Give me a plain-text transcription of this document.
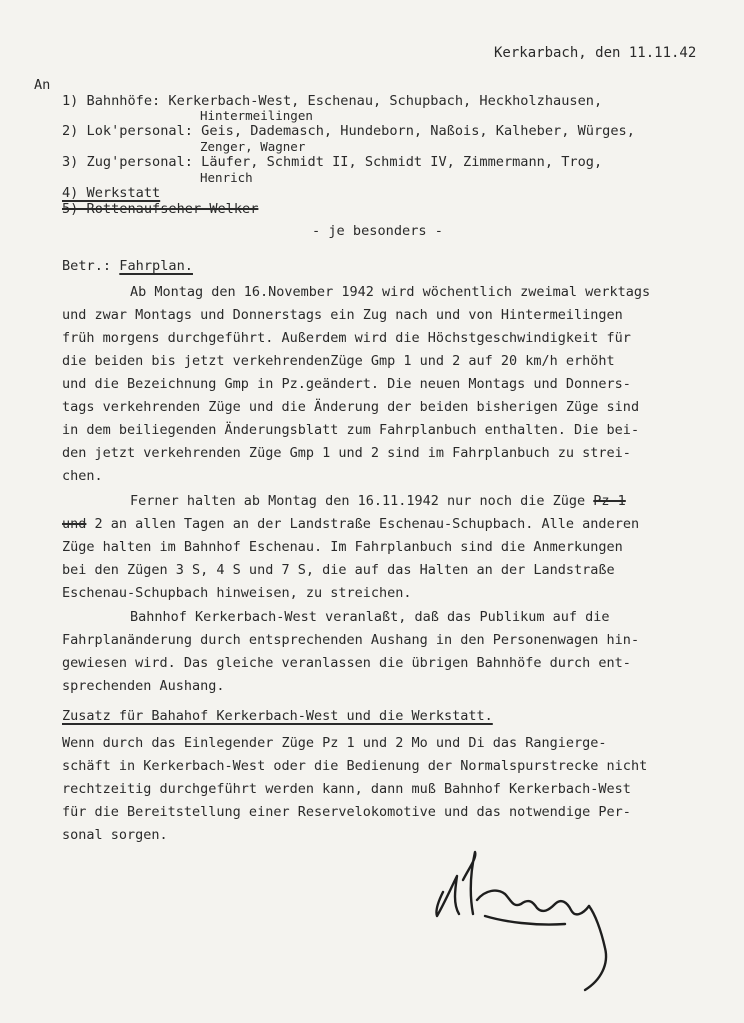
Kerkarbach, den 11.11.42
An
1) Bahnhöfe: Kerkerbach-West, Eschenau, Schupbach, Heckholzhausen,
Hintermeilingen
2) Lok'personal: Geis, Dademasch, Hundeborn, Naßois, Kalheber, Würges,
Zenger, Wagner
3) Zug'personal: Läufer, Schmidt II, Schmidt IV, Zimmermann, Trog,
Henrich
4) Werkstatt
5) Rottenaufseher Welker
- je besonders -
Betr.: Fahrplan.
Ab Montag den 16.November 1942 wird wöchentlich zweimal werktags
und zwar Montags und Donnerstags ein Zug nach und von Hintermeilingen
früh morgens durchgeführt. Außerdem wird die Höchstgeschwindigkeit für
die beiden bis jetzt verkehrendenZüge Gmp 1 und 2 auf 20 km/h erhöht
und die Bezeichnung Gmp in Pz.geändert. Die neuen Montags und Donners-
tags verkehrenden Züge und die Änderung der beiden bisherigen Züge sind
in dem beiliegenden Änderungsblatt zum Fahrplanbuch enthalten. Die bei-
den jetzt verkehrenden Züge Gmp 1 und 2 sind im Fahrplanbuch zu strei-
chen.
Ferner halten ab Montag den 16.11.1942 nur noch die Züge Pz 1
und 2 an allen Tagen an der Landstraße Eschenau-Schupbach. Alle anderen
Züge halten im Bahnhof Eschenau. Im Fahrplanbuch sind die Anmerkungen
bei den Zügen 3 S, 4 S und 7 S, die auf das Halten an der Landstraße
Eschenau-Schupbach hinweisen, zu streichen.
Bahnhof Kerkerbach-West veranlaßt, daß das Publikum auf die
Fahrplanänderung durch entsprechenden Aushang in den Personenwagen hin-
gewiesen wird. Das gleiche veranlassen die übrigen Bahnhöfe durch ent-
sprechenden Aushang.
Zusatz für Bahahof Kerkerbach-West und die Werkstatt.
Wenn durch das Einlegender Züge Pz 1 und 2 Mo und Di das Rangierge-
schäft in Kerkerbach-West oder die Bedienung der Normalspurstrecke nicht
rechtzeitig durchgeführt werden kann, dann muß Bahnhof Kerkerbach-West
für die Bereitstellung einer Reservelokomotive und das notwendige Per-
sonal sorgen.
